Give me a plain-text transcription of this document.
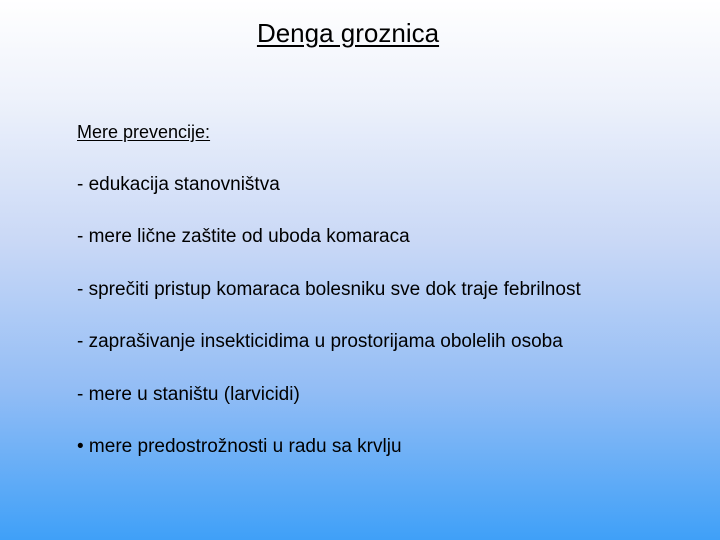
Denga groznica

Mere prevencije:

- edukacija stanovništva
- mere lične zaštite od uboda komaraca
- sprečiti pristup komaraca bolesniku sve dok traje febrilnost
- zaprašivanje insekticidima u prostorijama obolelih osoba
- mere u staništu (larvicidi)
• mere predostrožnosti u radu sa krvlju
